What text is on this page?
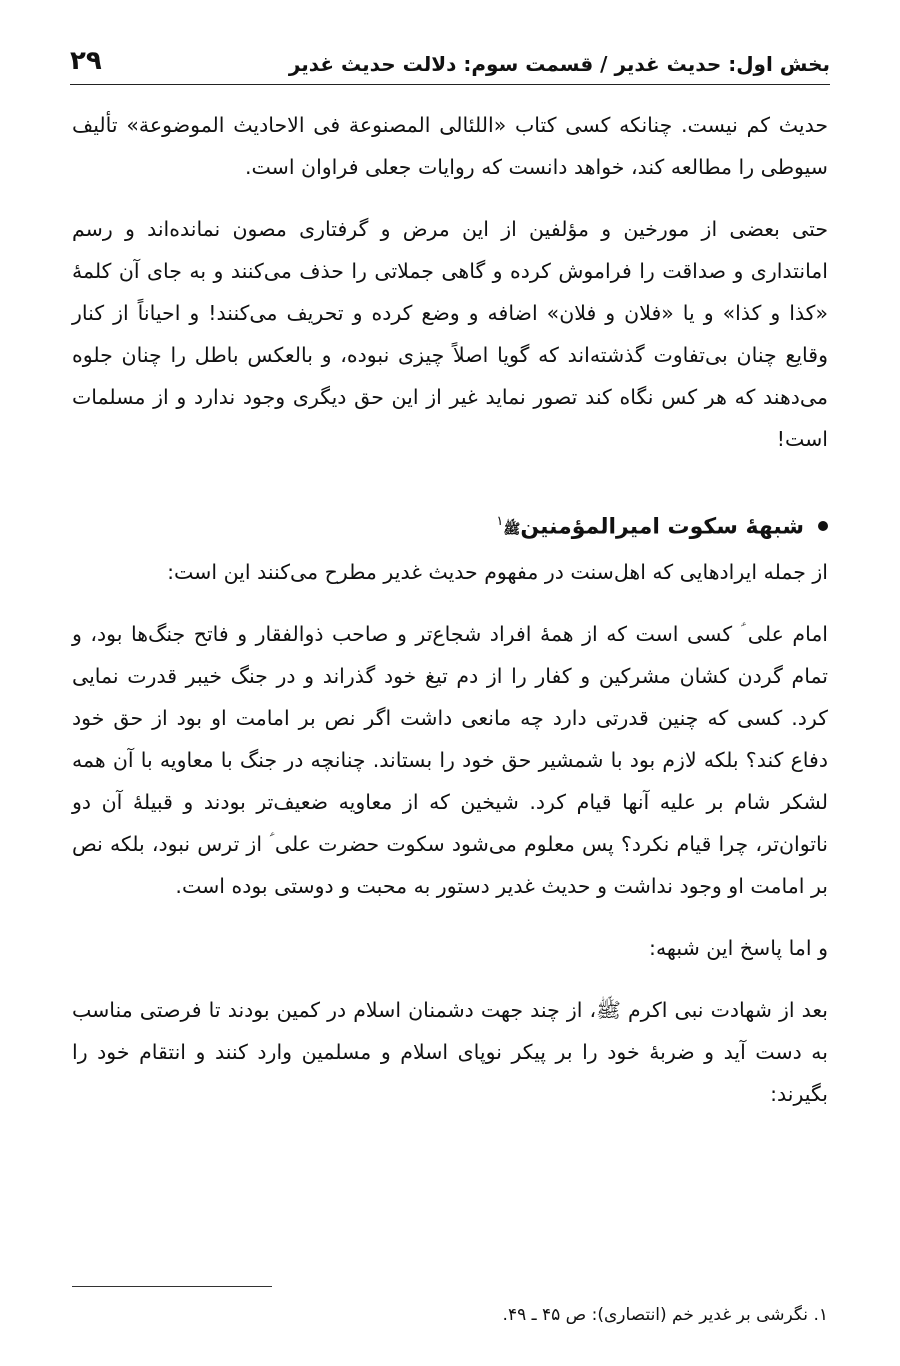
بخش اول: حدیث غدیر / قسمت سوم: دلالت حدیث غدیر
۲۹

حدیث کم نیست. چنانکه کسی کتاب «اللئالی المصنوعة فی الاحادیث الموضوعة» تألیف سیوطی را مطالعه کند، خواهد دانست که روایات جعلی فراوان است.

حتی بعضی از مورخین و مؤلفین از این مرض و گرفتاری مصون نمانده‌اند و رسم امانتداری و صداقت را فراموش کرده و گاهی جملاتی را حذف می‌کنند و به جای آن کلمهٔ «کذا و کذا» و یا «فلان و فلان» اضافه و وضع کرده و تحریف می‌کنند! و احیاناً از کنار وقایع چنان بی‌تفاوت گذشته‌اند که گویا اصلاً چیزی نبوده، و بالعکس باطل را چنان جلوه می‌دهند که هر کس نگاه کند تصور نماید غیر از این حق دیگری وجود ندارد و از مسلمات است!

شبههٔ سکوت امیرالمؤمنینﷺ$^۱$

از جمله ایرادهایی که اهل‌سنت در مفهوم حدیث غدیر مطرح می‌کنند این است:

امام علی ؑ کسی است که از همهٔ افراد شجاع‌تر و صاحب ذوالفقار و فاتح جنگ‌ها بود، و تمام گردن کشان مشرکین و کفار را از دم تیغ خود گذراند و در جنگ خیبر قدرت نمایی کرد. کسی که چنین قدرتی دارد چه مانعی داشت اگر نص بر امامت او بود از حق خود دفاع کند؟ بلکه لازم بود با شمشیر حق خود را بستاند. چنانچه در جنگ با معاویه با آن همه لشکر شام بر علیه آنها قیام کرد. شیخین که از معاویه ضعیف‌تر بودند و قبیلهٔ آن دو ناتوان‌تر، چرا قیام نکرد؟ پس معلوم می‌شود سکوت حضرت علی ؑ از ترس نبود، بلکه نص بر امامت او وجود نداشت و حدیث غدیر دستور به محبت و دوستی بوده است.

و اما پاسخ این شبهه:

بعد از شهادت نبی اکرم ﷺ، از چند جهت دشمنان اسلام در کمین بودند تا فرصتی مناسب به دست آید و ضربهٔ خود را بر پیکر نوپای اسلام و مسلمین وارد کنند و انتقام خود را بگیرند:

۱. نگرشی بر غدیر خم (انتصاری): ص ۴۵ ـ ۴۹.
